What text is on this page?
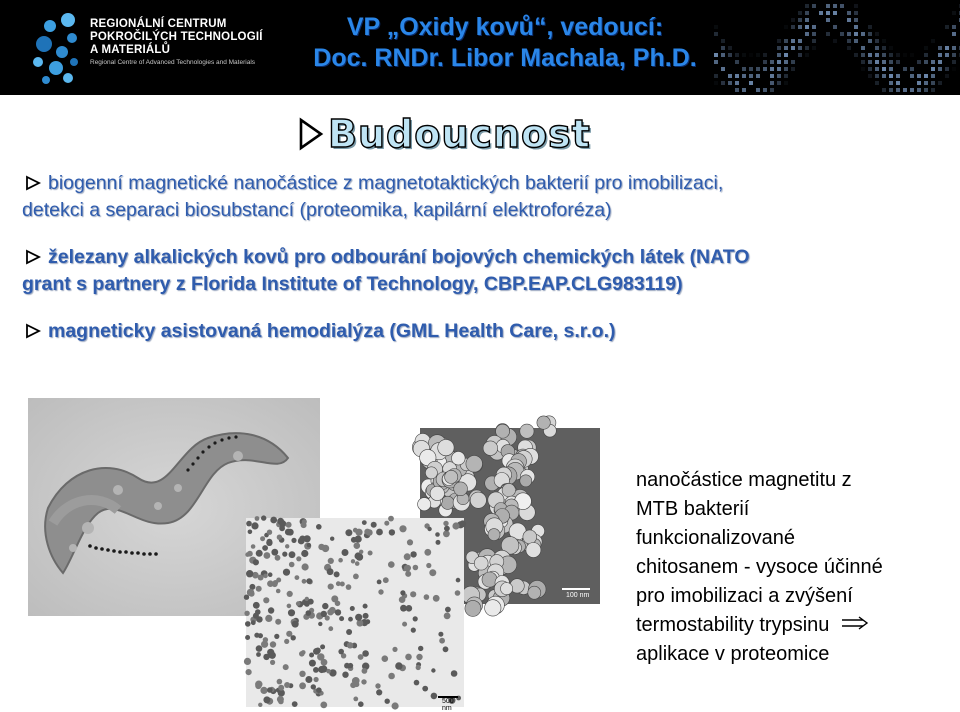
REGIONÁLNÍ CENTRUM
POKROČILÝCH TECHNOLOGIÍ
A MATERIÁLŮ
Regional Centre of Advanced Technologies and Materials
VP „Oxidy kovů“, vedoucí:
Doc. RNDr. Libor Machala, Ph.D.
Budoucnost
biogenní magnetické nanočástice z magnetotaktických bakterií pro imobilizaci,
detekci a separaci biosubstancí (proteomika, kapilární elektroforéza)
železany alkalických kovů pro odbourání bojových chemických látek (NATO
grant s partnery z Florida Institute of Technology, CBP.EAP.CLG983119)
magneticky asistovaná hemodialýza (GML Health Care, s.r.o.)
100 nm
500 nm
nanočástice magnetitu z
MTB bakterií
funkcionalizované
chitosanem - vysoce účinné
pro imobilizaci a zvýšení
termostability trypsinu
aplikace v proteomice
